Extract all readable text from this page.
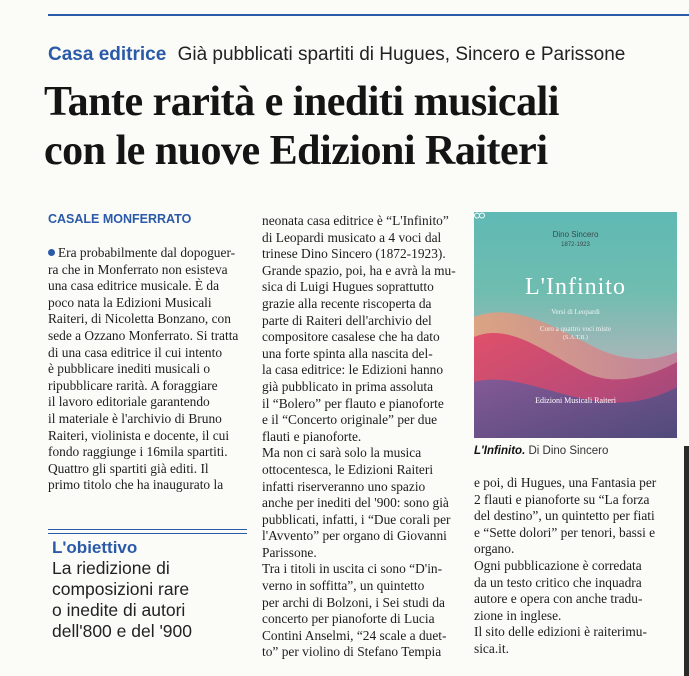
Casa editrice Già pubblicati spartiti di Hugues, Sincero e Parissone
Tante rarità e inediti musicali
con le nuove Edizioni Raiteri
CASALE MONFERRATO

Era probabilmente dal dopoguer-
ra che in Monferrato non esisteva
una casa editrice musicale. È da
poco nata la Edizioni Musicali
Raiteri, di Nicoletta Bonzano, con
sede a Ozzano Monferrato. Si tratta
di una casa editrice il cui intento
è pubblicare inediti musicali o
ripubblicare rarità. A foraggiare
il lavoro editoriale garantendo
il materiale è l'archivio di Bruno
Raiteri, violinista e docente, il cui
fondo raggiunge i 16mila spartiti.
Quattro gli spartiti già editi. Il
primo titolo che ha inaugurato la

L'obiettivo
La riedizione di
composizioni rare
o inedite di autori
dell'800 e del '900

neonata casa editrice è “L'Infinito”
di Leopardi musicato a 4 voci dal
trinese Dino Sincero (1872-1923).
Grande spazio, poi, ha e avrà la mu-
sica di Luigi Hugues soprattutto
grazie alla recente riscoperta da
parte di Raiteri dell'archivio del
compositore casalese che ha dato
una forte spinta alla nascita del-
la casa editrice: le Edizioni hanno
già pubblicato in prima assoluta
il “Bolero” per flauto e pianoforte
e il “Concerto originale” per due
flauti e pianoforte.

Ma non ci sarà solo la musica
ottocentesca, le Edizioni Raiteri
infatti riserveranno uno spazio
anche per inediti del '900: sono già
pubblicati, infatti, i “Due corali per
l'Avvento” per organo di Giovanni
Parissone.

Tra i titoli in uscita ci sono “D'in-
verno in soffitta”, un quintetto
per archi di Bolzoni, i Sei studi da
concerto per pianoforte di Lucia
Contini Anselmi, “24 scale a duet-
to” per violino di Stefano Tempia

Dino Sincero
1872-1923
L'Infinito
Versi di Leopardi
Coro a quattro voci miste
(S.A.T.B.)
Edizioni Musicali Raiteri
L'Infinito. Di Dino Sincero

e poi, di Hugues, una Fantasia per
2 flauti e pianoforte su “La forza
del destino”, un quintetto per fiati
e “Sette dolori” per tenori, bassi e
organo.

Ogni pubblicazione è corredata
da un testo critico che inquadra
autore e opera con anche tradu-
zione in inglese.

Il sito delle edizioni è raiterimu-
sica.it.
